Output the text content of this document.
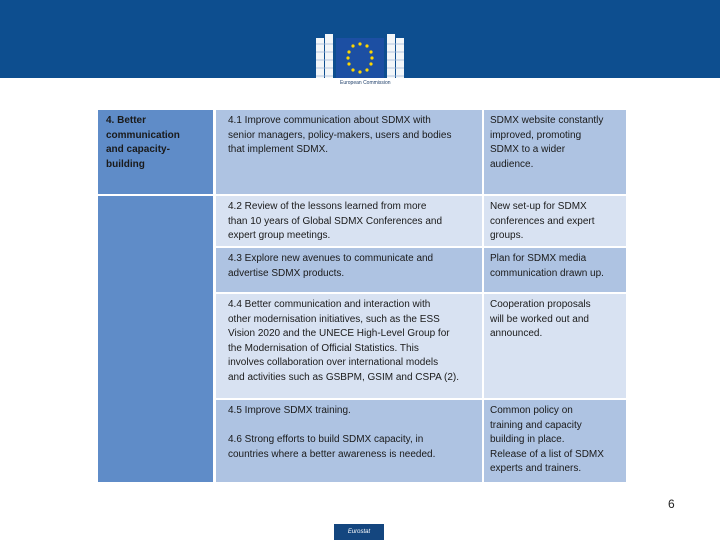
European Commission
4. Better
communication
and capacity-
building
4.1 Improve communication about SDMX with
senior managers, policy-makers, users and bodies
that implement SDMX.
SDMX website constantly
improved, promoting
SDMX to a wider
audience.
4.2 Review of the lessons learned from more
than 10 years of Global SDMX Conferences and
expert group meetings.
New set-up for SDMX
conferences and expert
groups.
4.3 Explore new avenues to communicate and
advertise SDMX products.
Plan for SDMX media
communication drawn up.
4.4 Better communication and interaction with
other modernisation initiatives, such as the ESS
Vision 2020 and the UNECE High-Level Group for
the Modernisation of Official Statistics. This
involves collaboration over international models
and activities such as GSBPM, GSIM and CSPA (2).
Cooperation proposals
will be worked out and
announced.
4.5 Improve SDMX training.

4.6 Strong efforts to build SDMX capacity, in
countries where a better awareness is needed.
Common policy on
training and capacity
building in place.
Release of a list of SDMX
experts and trainers.
6
Eurostat
